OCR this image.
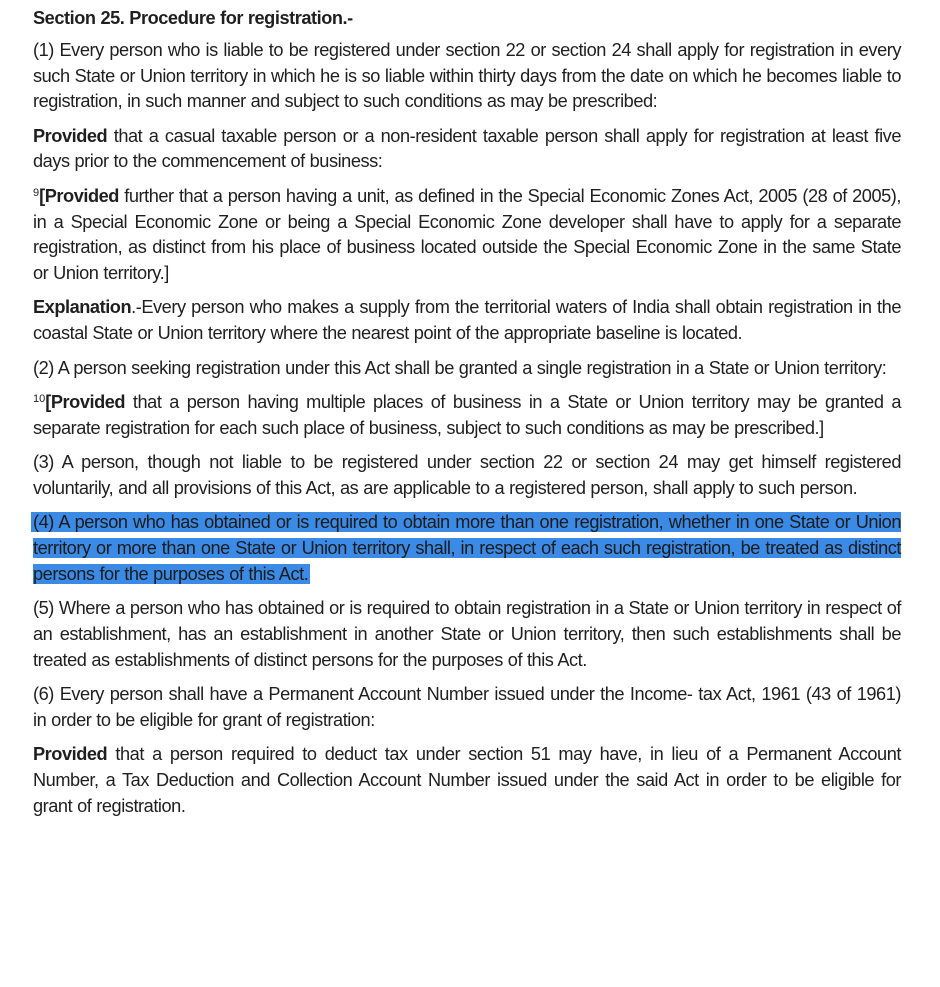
Section 25. Procedure for registration.-

(1) Every person who is liable to be registered under section 22 or section 24 shall apply for registration in every such State or Union territory in which he is so liable within thirty days from the date on which he becomes liable to registration, in such manner and subject to such conditions as may be prescribed:

Provided that a casual taxable person or a non-resident taxable person shall apply for registration at least five days prior to the commencement of business:

$^9$[Provided further that a person having a unit, as defined in the Special Economic Zones Act, 2005 (28 of 2005), in a Special Economic Zone or being a Special Economic Zone developer shall have to apply for a separate registration, as distinct from his place of business located outside the Special Economic Zone in the same State or Union territory.]

Explanation.-Every person who makes a supply from the territorial waters of India shall obtain registration in the coastal State or Union territory where the nearest point of the appropriate baseline is located.

(2) A person seeking registration under this Act shall be granted a single registration in a State or Union territory:

$^{10}$[Provided that a person having multiple places of business in a State or Union territory may be granted a separate registration for each such place of business, subject to such conditions as may be prescribed.]

(3) A person, though not liable to be registered under section 22 or section 24 may get himself registered voluntarily, and all provisions of this Act, as are applicable to a registered person, shall apply to such person.

(4) A person who has obtained or is required to obtain more than one registration, whether in one State or Union territory or more than one State or Union territory shall, in respect of each such registration, be treated as distinct persons for the purposes of this Act.

(5) Where a person who has obtained or is required to obtain registration in a State or Union territory in respect of an establishment, has an establishment in another State or Union territory, then such establishments shall be treated as establishments of distinct persons for the purposes of this Act.

(6) Every person shall have a Permanent Account Number issued under the Income- tax Act, 1961 (43 of 1961) in order to be eligible for grant of registration:

Provided that a person required to deduct tax under section 51 may have, in lieu of a Permanent Account Number, a Tax Deduction and Collection Account Number issued under the said Act in order to be eligible for grant of registration.
